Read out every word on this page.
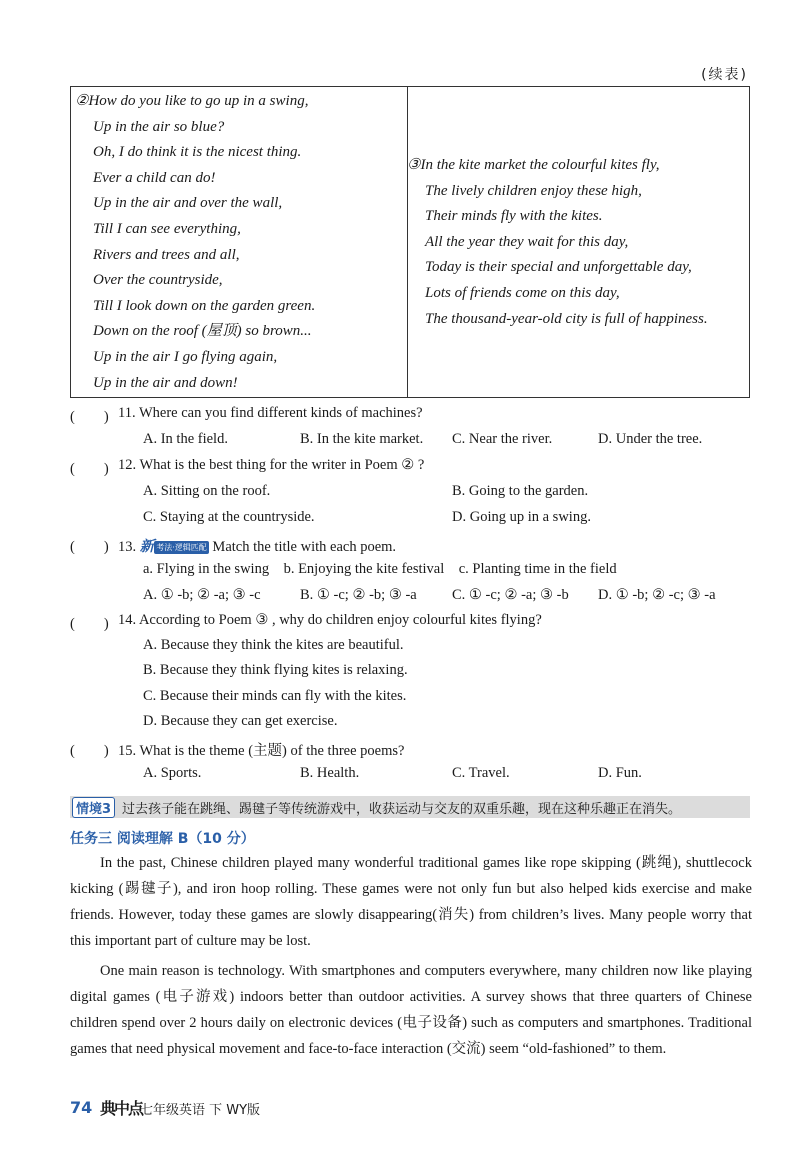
(续表)
②How do you like to go up in a swing,
Up in the air so blue?
Oh, I do think it is the nicest thing.
Ever a child can do!
Up in the air and over the wall,
Till I can see everything,
Rivers and trees and all,
Over the countryside,
Till I look down on the garden green.
Down on the roof (屋顶) so brown...
Up in the air I go flying again,
Up in the air and down!
③In the kite market the colourful kites fly,
The lively children enjoy these high,
Their minds fly with the kites.
All the year they wait for this day,
Today is their special and unforgettable day,
Lots of friends come on this day,
The thousand-year-old city is full of happiness.
(　　) 11. Where can you find different kinds of machines?
A. In the field.	B. In the kite market. C. Near the river.	D. Under the tree.
(　　) 12. What is the best thing for the writer in Poem ② ?
A. Sitting on the roof.	B. Going to the garden.
C. Staying at the countryside.	D. Going up in a swing.
(　　) 13. 新 考法·逻辑匹配 Match the title with each poem.
a. Flying in the swing    b. Enjoying the kite festival    c. Planting time in the field
A. ① -b; ② -a; ③ -c	B. ① -c; ② -b; ③ -a C. ① -c; ② -a; ③ -b D. ① -b; ② -c; ③ -a
(　　) 14. According to Poem ③ , why do children enjoy colourful kites flying?
A. Because they think the kites are beautiful.
B. Because they think flying kites is relaxing.
C. Because their minds can fly with the kites.
D. Because they can get exercise.
(　　) 15. What is the theme (主题) of the three poems?
A. Sports.	B. Health.	C. Travel.	D. Fun.
情境3 过去孩子能在跳绳、踢毽子等传统游戏中，收获运动与交友的双重乐趣，现在这种乐趣正在消失。
任务三 阅读理解 B（10 分）

In the past, Chinese children played many wonderful traditional games like rope skipping (跳绳), shuttlecock kicking (踢毽子), and iron hoop rolling. These games were not only fun but also helped kids exercise and make friends. However, today these games are slowly disappearing(消失) from children’s lives. Many people worry that this important part of culture may be lost.

One main reason is technology. With smartphones and computers everywhere, many children now like playing digital games (电子游戏) indoors better than outdoor activities. A survey shows that three quarters of Chinese children spend over 2 hours daily on electronic devices (电子设备) such as computers and smartphones. Traditional games that need physical movement and face-to-face interaction (交流) seem “old-fashioned” to them.

74 典中点
七年级英语 下 WY版
